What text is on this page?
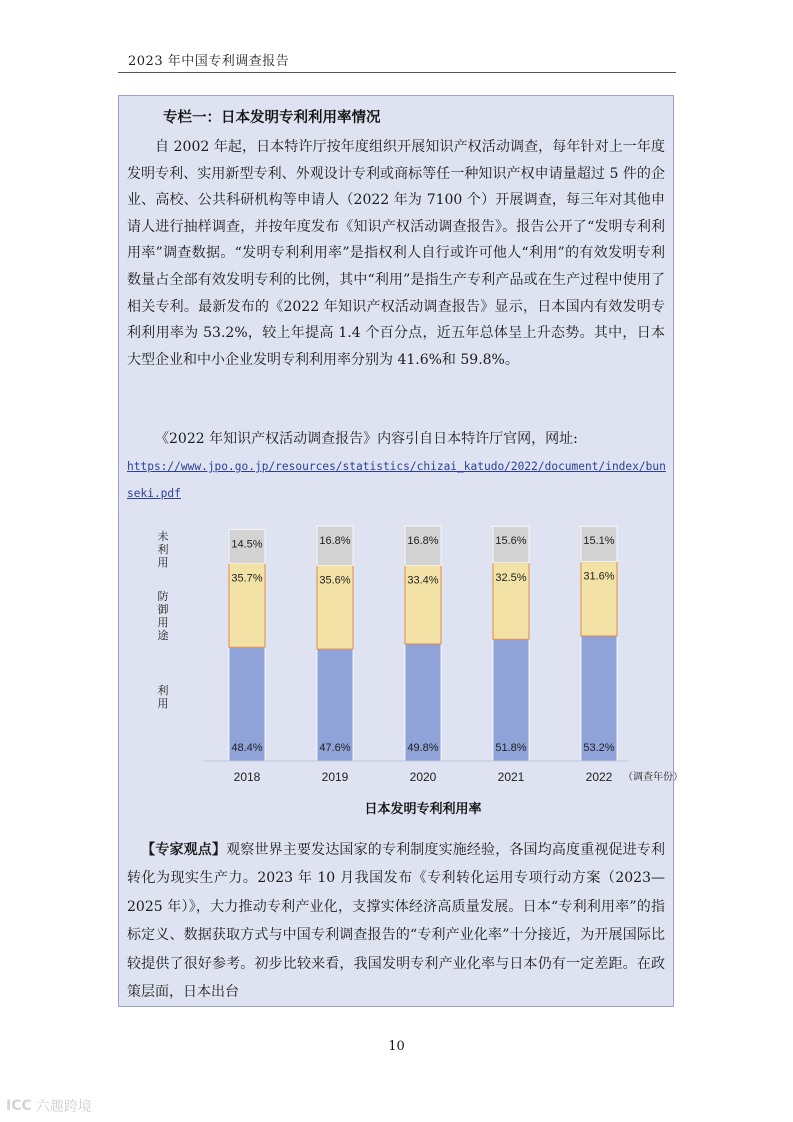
2023 年中国专利调查报告
专栏一：日本发明专利利用率情况

自 2002 年起，日本特许厅按年度组织开展知识产权活动调查，每年针对上一年度发明专利、实用新型专利、外观设计专利或商标等任一种知识产权申请量超过 5 件的企业、高校、公共科研机构等申请人（2022 年为 7100 个）开展调查，每三年对其他申请人进行抽样调查，并按年度发布《知识产权活动调查报告》。报告公开了“发明专利利用率”调查数据。“发明专利利用率”是指权利人自行或许可他人“利用”的有效发明专利数量占全部有效发明专利的比例，其中“利用”是指生产专利产品或在生产过程中使用了相关专利。最新发布的《2022 年知识产权活动调查报告》显示，日本国内有效发明专利利用率为 53.2%，较上年提高 1.4 个百分点，近五年总体呈上升态势。其中，日本大型企业和中小企业发明专利利用率分别为 41.6%和 59.8%。

《2022 年知识产权活动调查报告》内容引自日本特许厅官网，网址:
https://www.jpo.go.jp/resources/statistics/chizai_katudo/2022/document/index/bunseki.pdf
48.4%
35.7%
14.5%
2018
47.6%
35.6%
16.8%
2019
49.8%
33.4%
16.8%
2020
51.8%
32.5%
15.6%
2021
53.2%
31.6%
15.1%
2022 （调查年份）
日本发明专利利用率
利用
防御用途
未利用
【专家观点】观察世界主要发达国家的专利制度实施经验，各国均高度重视促进专利转化为现实生产力。2023 年 10 月我国发布《专利转化运用专项行动方案（2023—2025 年）》，大力推动专利产业化，支撑实体经济高质量发展。日本“专利利用率”的指标定义、数据获取方式与中国专利调查报告的“专利产业化率”十分接近，为开展国际比较提供了很好参考。初步比较来看，我国发明专利产业化率与日本仍有一定差距。在政策层面，日本出台
10
ICC 六趣跨境
